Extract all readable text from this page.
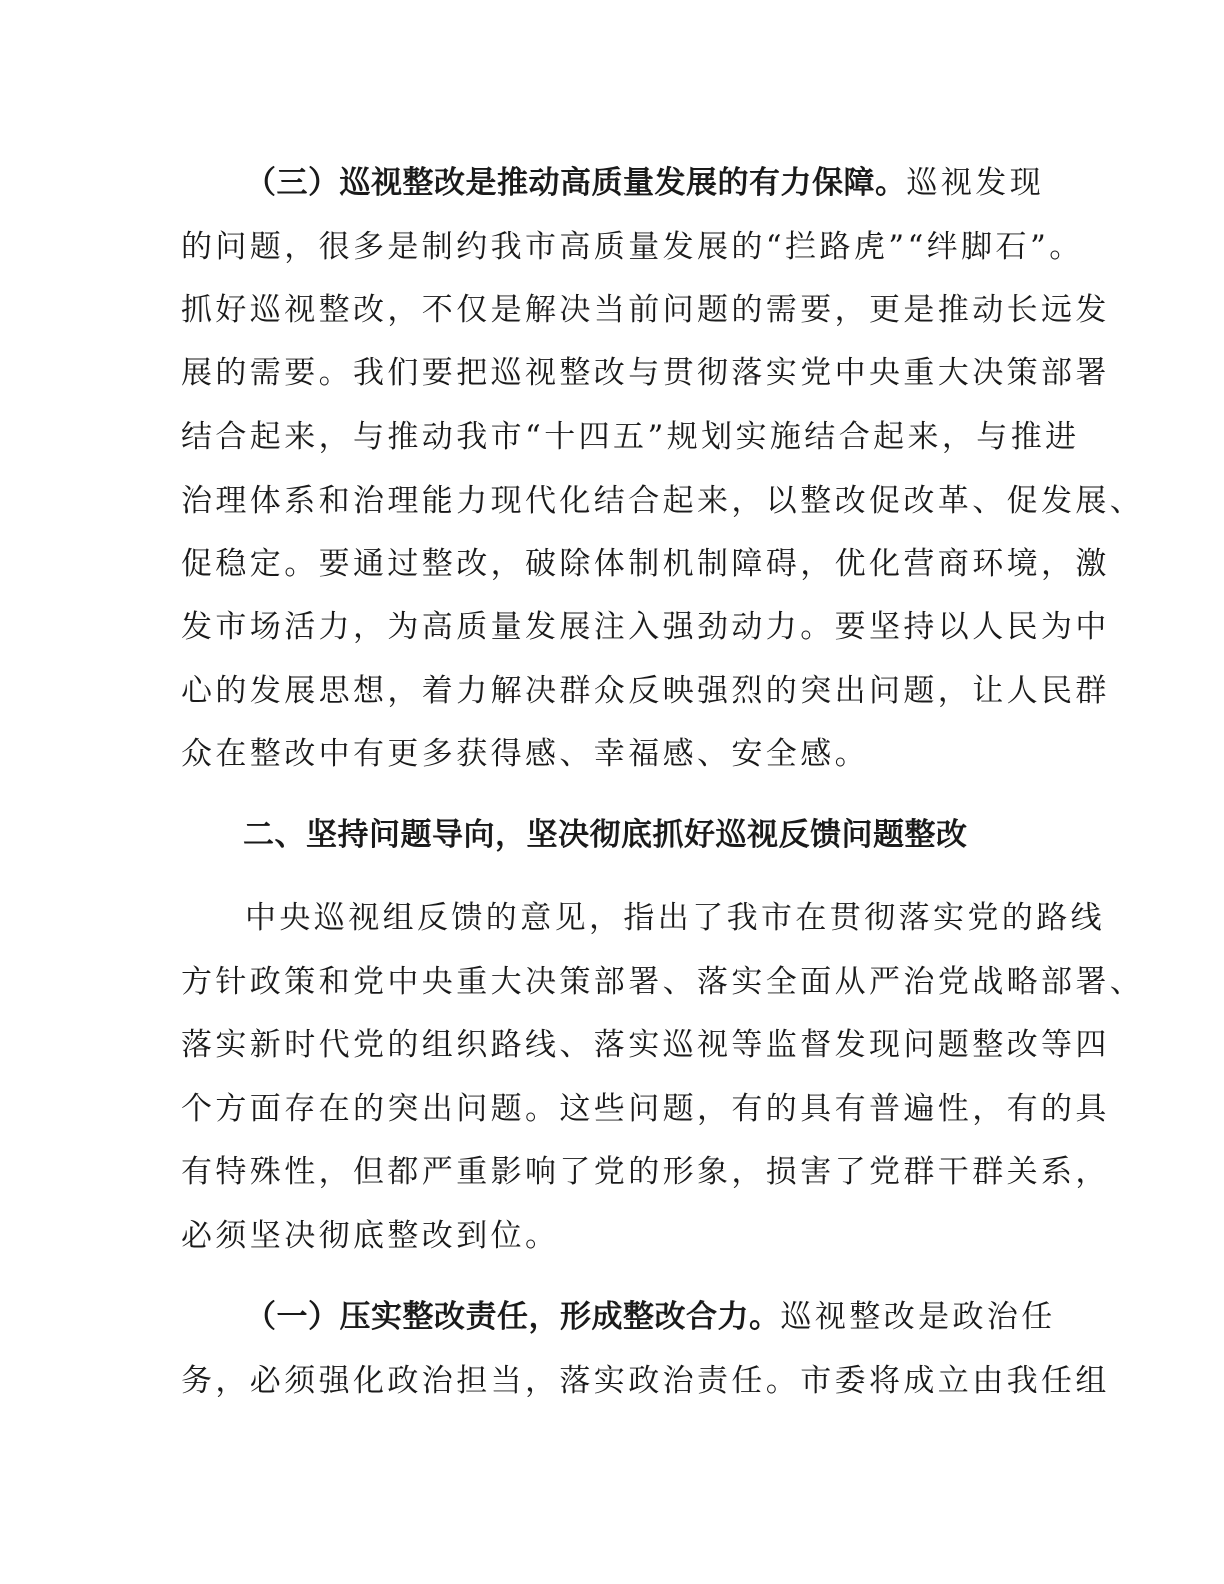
（三）巡视整改是推动高质量发展的有力保障。巡视发现
的问题，很多是制约我市高质量发展的“拦路虎”“绊脚石”。
抓好巡视整改，不仅是解决当前问题的需要，更是推动长远发
展的需要。我们要把巡视整改与贯彻落实党中央重大决策部署
结合起来，与推动我市“十四五”规划实施结合起来，与推进
治理体系和治理能力现代化结合起来，以整改促改革、促发展、
促稳定。要通过整改，破除体制机制障碍，优化营商环境，激
发市场活力，为高质量发展注入强劲动力。要坚持以人民为中
心的发展思想，着力解决群众反映强烈的突出问题，让人民群
众在整改中有更多获得感、幸福感、安全感。
二、坚持问题导向，坚决彻底抓好巡视反馈问题整改
中央巡视组反馈的意见，指出了我市在贯彻落实党的路线
方针政策和党中央重大决策部署、落实全面从严治党战略部署、
落实新时代党的组织路线、落实巡视等监督发现问题整改等四
个方面存在的突出问题。这些问题，有的具有普遍性，有的具
有特殊性，但都严重影响了党的形象，损害了党群干群关系，
必须坚决彻底整改到位。
（一）压实整改责任，形成整改合力。巡视整改是政治任
务，必须强化政治担当，落实政治责任。市委将成立由我任组
